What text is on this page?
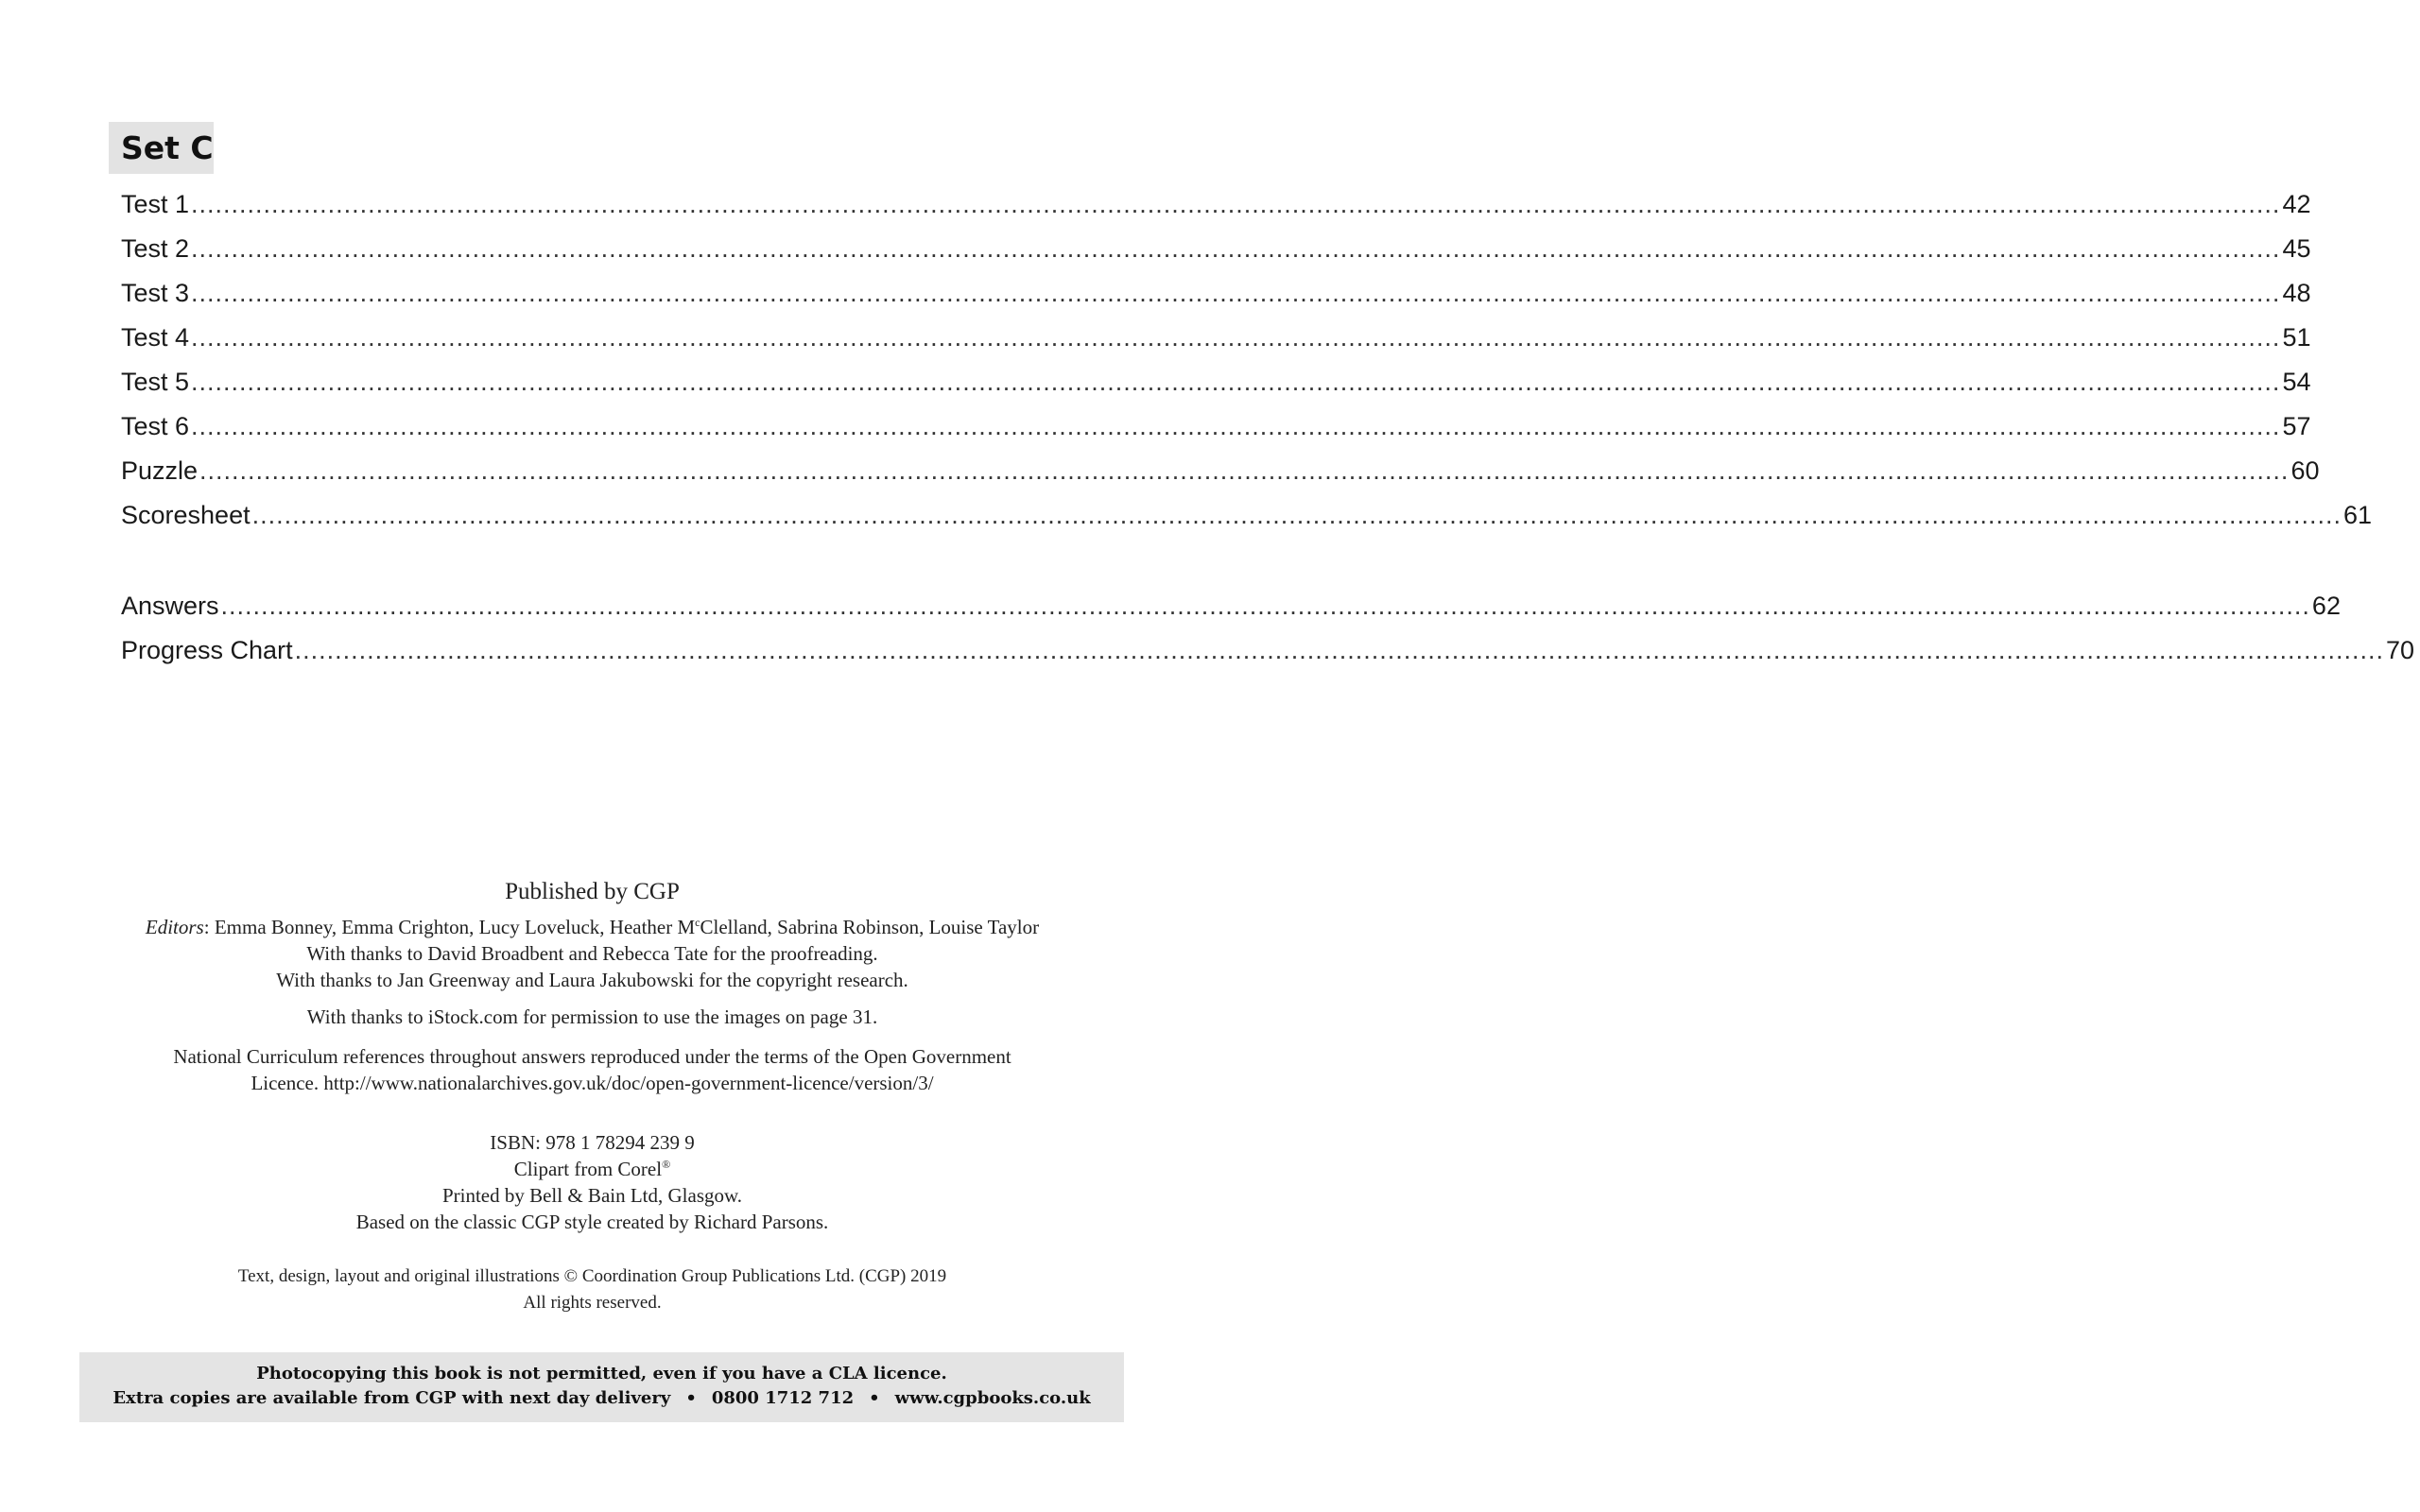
Set C
Test 1 .................................................................................................................................................................................................................................................................... 42
Test 2 .................................................................................................................................................................................................................................................................... 45
Test 3 .................................................................................................................................................................................................................................................................... 48
Test 4 .................................................................................................................................................................................................................................................................... 51
Test 5 .................................................................................................................................................................................................................................................................... 54
Test 6 .................................................................................................................................................................................................................................................................... 57
Puzzle .................................................................................................................................................................................................................................................................... 60
Scoresheet .................................................................................................................................................................................................................................................................... 61
Answers .................................................................................................................................................................................................................................................................... 62
Progress Chart .................................................................................................................................................................................................................................................................... 70

Published by CGP

Editors: Emma Bonney, Emma Crighton, Lucy Loveluck, Heather $M^cClelland$, Sabrina Robinson, Louise Taylor

With thanks to David Broadbent and Rebecca Tate for the proofreading.

With thanks to Jan Greenway and Laura Jakubowski for the copyright research.

With thanks to iStock.com for permission to use the images on page 31.

National Curriculum references throughout answers reproduced under the terms of the Open Government

Licence. http://www.nationalarchives.gov.uk/doc/open-government-licence/version/3/

ISBN: 978 1 78294 239 9

Clipart from Corel®

Printed by Bell & Bain Ltd, Glasgow.

Based on the classic CGP style created by Richard Parsons.

Text, design, layout and original illustrations © Coordination Group Publications Ltd. (CGP) 2019

All rights reserved.

Photocopying this book is not permitted, even if you have a CLA licence.
Extra copies are available from CGP with next day delivery • 0800 1712 712 • www.cgpbooks.co.uk
